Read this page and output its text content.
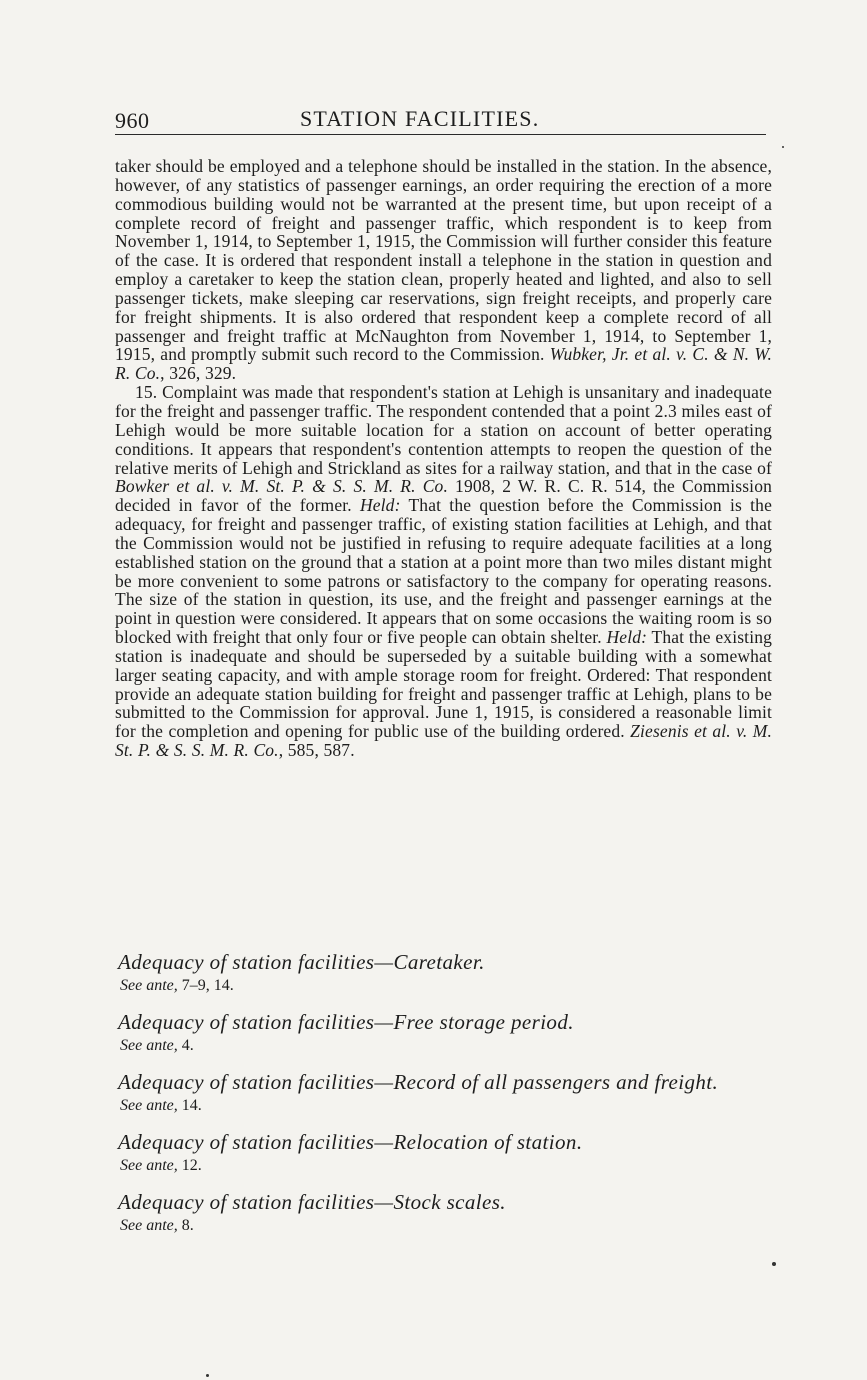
960	STATION FACILITIES.

taker should be employed and a telephone should be installed in the station. In the absence, however, of any statistics of passenger earnings, an order requiring the erection of a more commodious building would not be warranted at the present time, but upon receipt of a complete record of freight and passenger traffic, which respondent is to keep from November 1, 1914, to September 1, 1915, the Commission will further consider this feature of the case. It is ordered that respondent install a telephone in the station in question and employ a caretaker to keep the station clean, properly heated and lighted, and also to sell passenger tickets, make sleeping car reservations, sign freight receipts, and properly care for freight shipments. It is also ordered that respondent keep a complete record of all passenger and freight traffic at McNaughton from November 1, 1914, to September 1, 1915, and promptly submit such record to the Commission. Wubker, Jr. et al. v. C. & N. W. R. Co., 326, 329.

15. Complaint was made that respondent's station at Lehigh is unsanitary and inadequate for the freight and passenger traffic. The respondent contended that a point 2.3 miles east of Lehigh would be more suitable location for a station on account of better operating conditions. It appears that respondent's contention attempts to reopen the question of the relative merits of Lehigh and Strickland as sites for a railway station, and that in the case of Bowker et al. v. M. St. P. & S. S. M. R. Co. 1908, 2 W. R. C. R. 514, the Commission decided in favor of the former. Held: That the question before the Commission is the adequacy, for freight and passenger traffic, of existing station facilities at Lehigh, and that the Commission would not be justified in refusing to require adequate facilities at a long established station on the ground that a station at a point more than two miles distant might be more convenient to some patrons or satisfactory to the company for operating reasons. The size of the station in question, its use, and the freight and passenger earnings at the point in question were considered. It appears that on some occasions the waiting room is so blocked with freight that only four or five people can obtain shelter. Held: That the existing station is inadequate and should be superseded by a suitable building with a somewhat larger seating capacity, and with ample storage room for freight. Ordered: That respondent provide an adequate station building for freight and passenger traffic at Lehigh, plans to be submitted to the Commission for approval. June 1, 1915, is considered a reasonable limit for the completion and opening for public use of the building ordered. Ziesenis et al. v. M. St. P. & S. S. M. R. Co., 585, 587.

Adequacy of station facilities—Caretaker.
See ante, 7–9, 14.
Adequacy of station facilities—Free storage period.
See ante, 4.
Adequacy of station facilities—Record of all passengers and freight.
See ante, 14.
Adequacy of station facilities—Relocation of station.
See ante, 12.
Adequacy of station facilities—Stock scales.
See ante, 8.
